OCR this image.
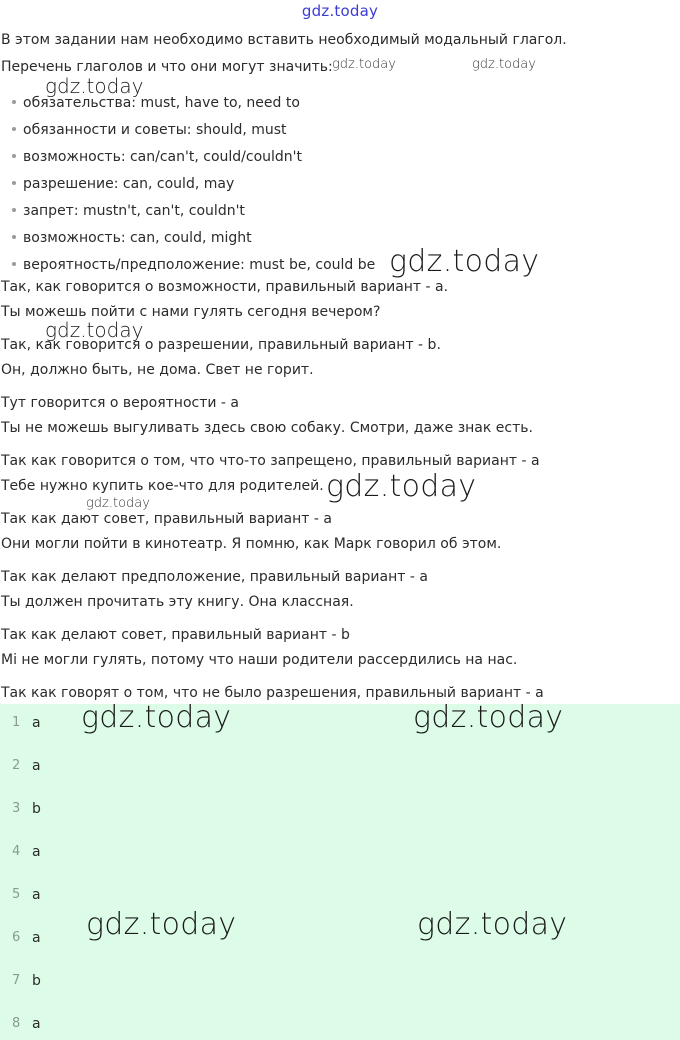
gdz.today
В этом задании нам необходимо вставить необходимый модальный глагол.
Перечень глаголов и что они могут значить:
обязательства: must, have to, need to
обязанности и советы: should, must
возможность: can/can't, could/couldn't
разрешение: can, could, may
запрет: mustn't, can't, couldn't
возможность: can, could, might
вероятность/предположение: must be, could be
Так, как говорится о возможности, правильный вариант - a.
Ты можешь пойти с нами гулять сегодня вечером?
Так, как говорится о разрешении, правильный вариант - b.
Он, должно быть, не дома. Свет не горит.
Тут говорится о вероятности - a
Ты не можешь выгуливать здесь свою собаку. Смотри, даже знак есть.
Так как говорится о том, что что-то запрещено, правильный вариант - a
Тебе нужно купить кое-что для родителей.
Так как дают совет, правильный вариант - a
Они могли пойти в кинотеатр. Я помню, как Марк говорил об этом.
Так как делают предположение, правильный вариант - a
Ты должен прочитать эту книгу. Она классная.
Так как делают совет, правильный вариант - b
Мі не могли гулять, потому что наши родители рассердились на нас.
Так как говорят о том, что не было разрешения, правильный вариант - a
1 a
2 a
3 b
4 a
5 a
6 a
7 b
8 a
gdz.today	gdz.today
gdz.today
gdz.today
gdz.today
gdz.today
gdz.today
gdz.today	gdz.today
gdz.today	gdz.today
